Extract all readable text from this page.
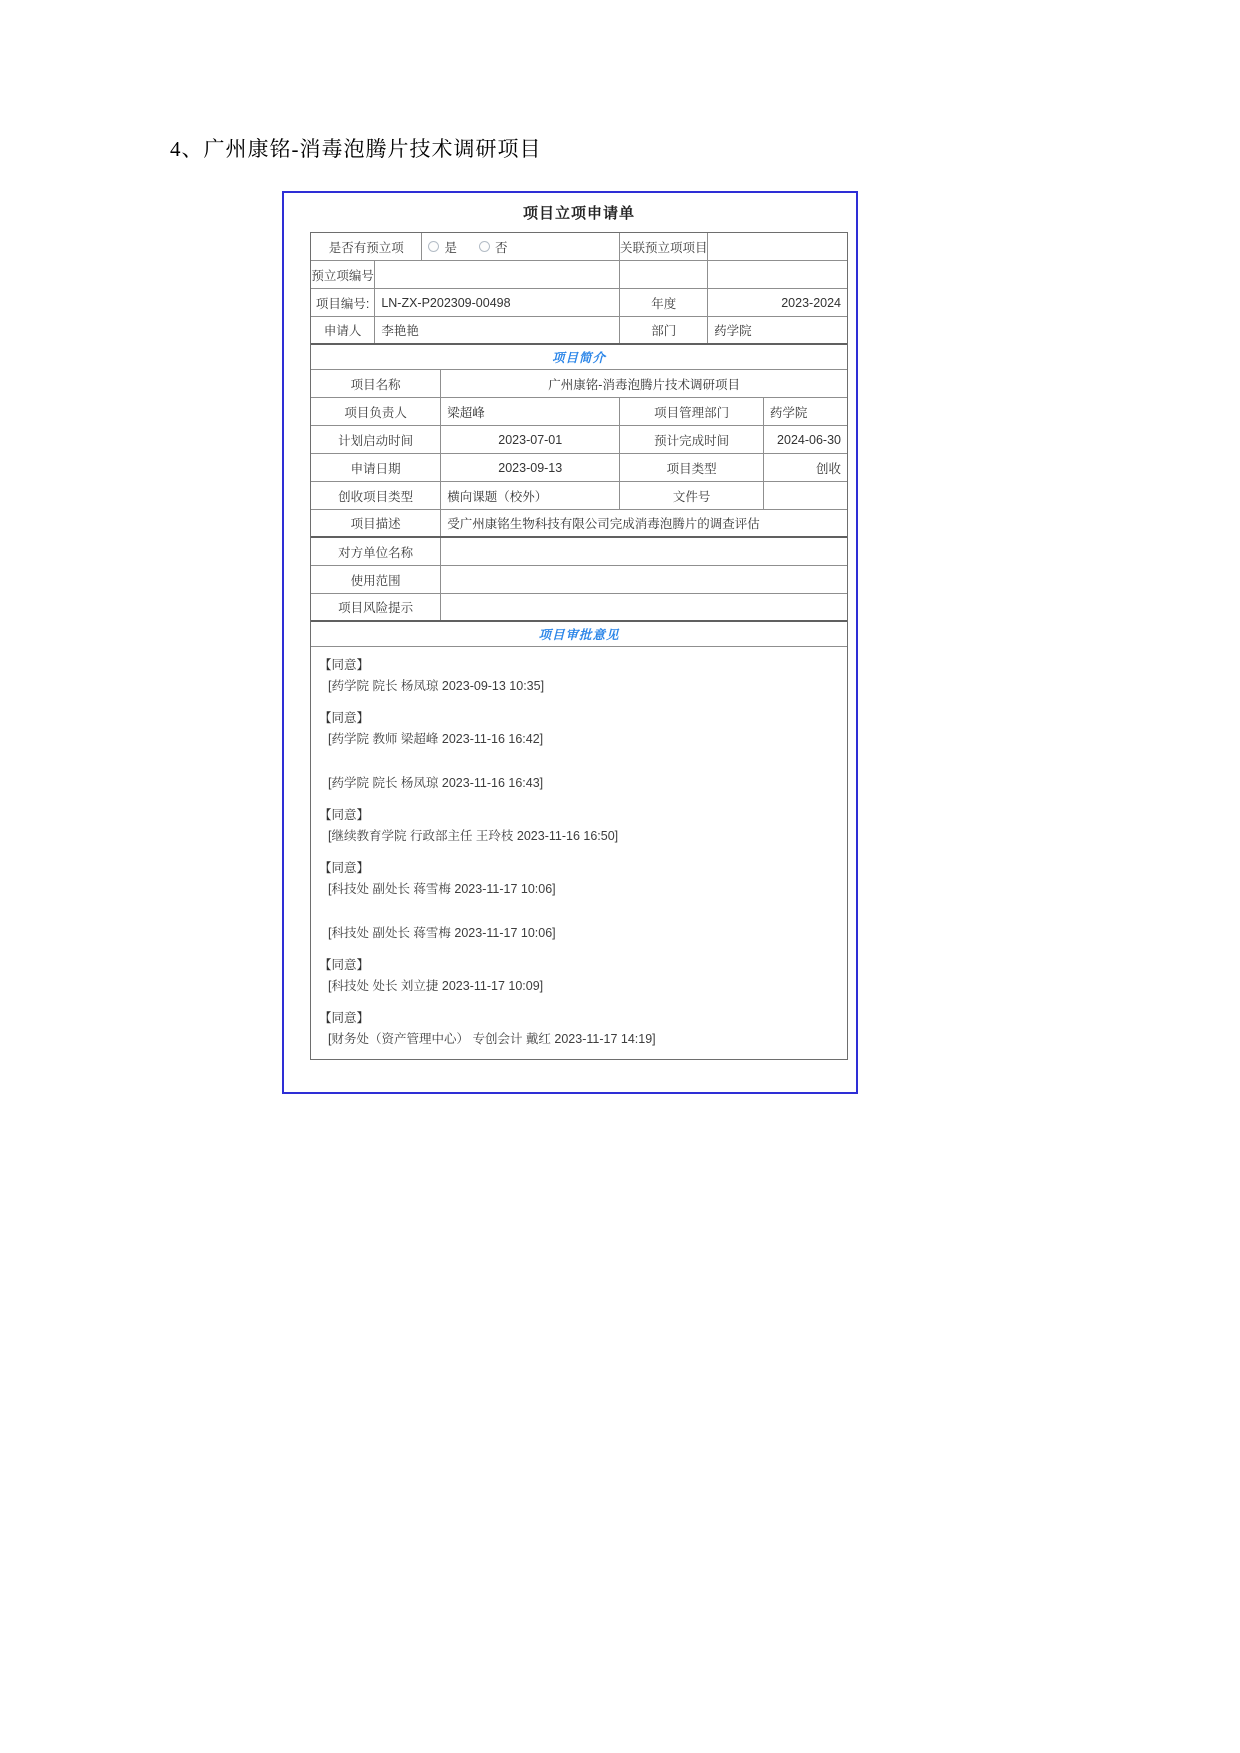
4、广州康铭-消毒泡腾片技术调研项目
项目立项申请单
是否有预立项	是	否	关联预立项项目
预立项编号
项目编号: LN-ZX-P202309-00498	年度	2023-2024
申请人	李艳艳	部门	药学院
项目简介
项目名称	广州康铭-消毒泡腾片技术调研项目
项目负责人	梁超峰	项目管理部门	药学院
计划启动时间	2023-07-01	预计完成时间	2024-06-30
申请日期	2023-09-13	项目类型	创收
创收项目类型	横向课题（校外）	文件号
项目描述	受广州康铭生物科技有限公司完成消毒泡腾片的调查评估
对方单位名称
使用范围
项目风险提示
项目审批意见
【同意】
[药学院 院长 杨凤琼 2023-09-13 10:35]
【同意】
[药学院 教师 梁超峰 2023-11-16 16:42]
[药学院 院长 杨凤琼 2023-11-16 16:43]
【同意】
[继续教育学院 行政部主任 王玲枝 2023-11-16 16:50]
【同意】
[科技处 副处长 蒋雪梅 2023-11-17 10:06]
[科技处 副处长 蒋雪梅 2023-11-17 10:06]
【同意】
[科技处 处长 刘立捷 2023-11-17 10:09]
【同意】
[财务处（资产管理中心） 专创会计 戴红 2023-11-17 14:19]
